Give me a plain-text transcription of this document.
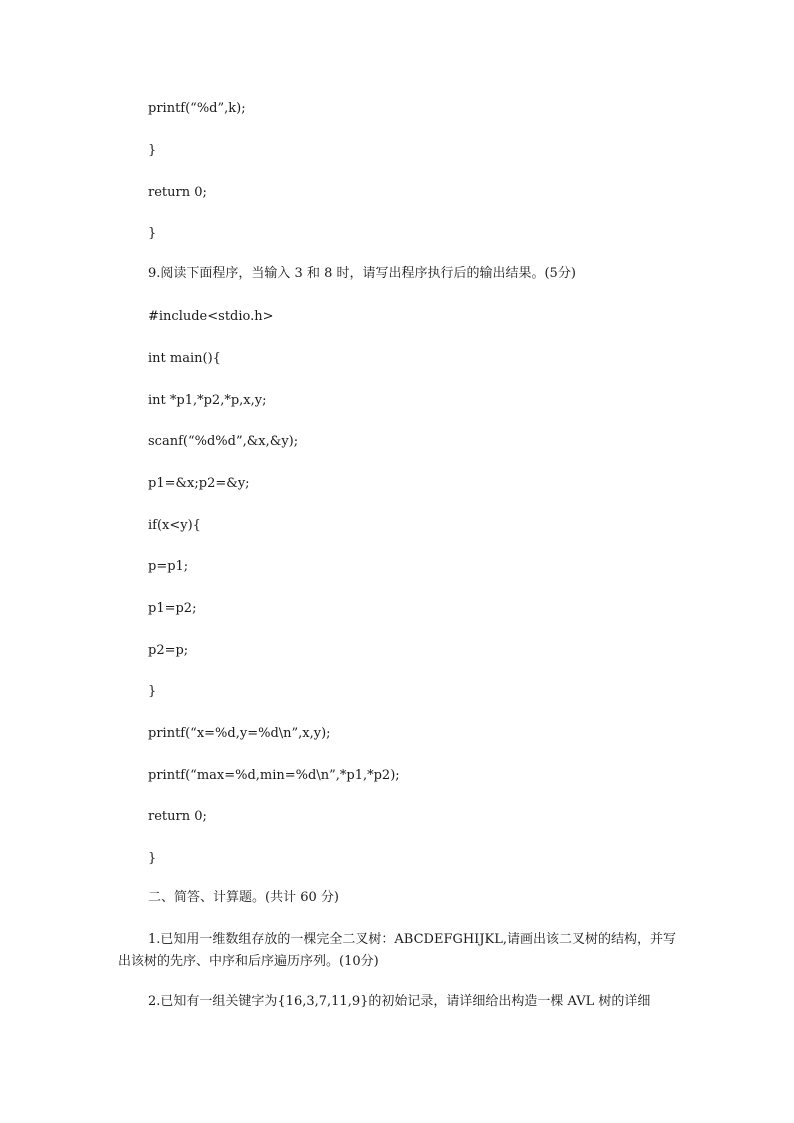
printf(“%d”,k);
}
return 0;
}
9.阅读下面程序，当输入 3 和 8 时，请写出程序执行后的输出结果。(5分)
#include<stdio.h>
int main(){
int *p1,*p2,*p,x,y;
scanf(“%d%d”,&x,&y);
p1=&x;p2=&y;
if(x<y){
p=p1;
p1=p2;
p2=p;
}
printf(“x=%d,y=%d\n”,x,y);
printf(“max=%d,min=%d\n”,*p1,*p2);
return 0;
}
二、简答、计算题。(共计 60 分)
1.已知用一维数组存放的一棵完全二叉树：ABCDEFGHIJKL,请画出该二叉树的结构，并写出该树的先序、中序和后序遍历序列。(10分)
2.已知有一组关键字为{16,3,7,11,9}的初始记录，请详细给出构造一棵 AVL 树的详细
